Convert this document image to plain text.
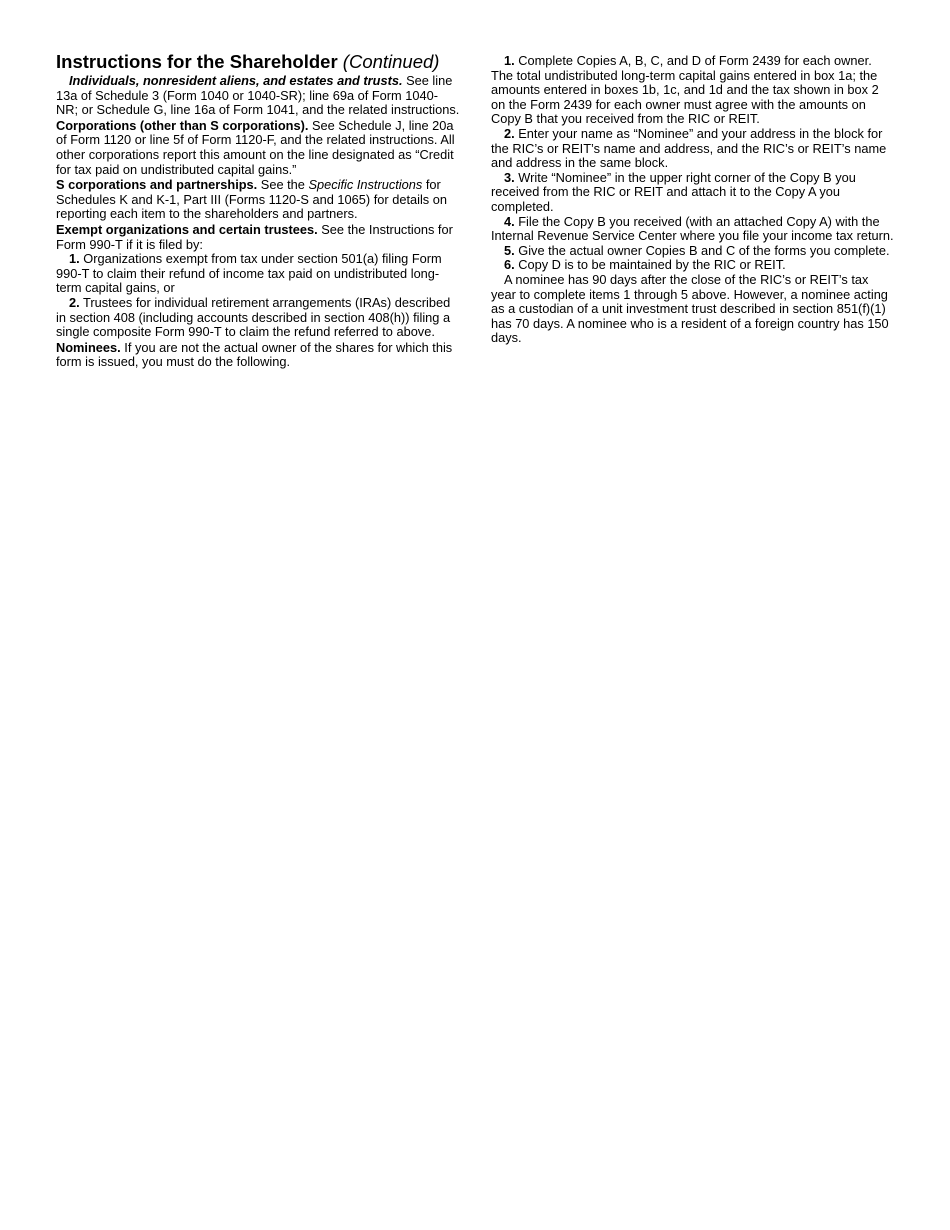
Instructions for the Shareholder (Continued)

Individuals, nonresident aliens, and estates and trusts. See line 13a of Schedule 3 (Form 1040 or 1040-SR); line 69a of Form 1040-NR; or Schedule G, line 16a of Form 1041, and the related instructions.

Corporations (other than S corporations). See Schedule J, line 20a of Form 1120 or line 5f of Form 1120-F, and the related instructions. All other corporations report this amount on the line designated as “Credit for tax paid on undistributed capital gains.”

S corporations and partnerships. See the Specific Instructions for Schedules K and K-1, Part III (Forms 1120-S and 1065) for details on reporting each item to the shareholders and partners.

Exempt organizations and certain trustees. See the Instructions for Form 990-T if it is filed by:

1. Organizations exempt from tax under section 501(a) filing Form 990-T to claim their refund of income tax paid on undistributed long-term capital gains, or

2. Trustees for individual retirement arrangements (IRAs) described in section 408 (including accounts described in section 408(h)) filing a single composite Form 990-T to claim the refund referred to above.

Nominees. If you are not the actual owner of the shares for which this form is issued, you must do the following.

1. Complete Copies A, B, C, and D of Form 2439 for each owner. The total undistributed long-term capital gains entered in box 1a; the amounts entered in boxes 1b, 1c, and 1d and the tax shown in box 2 on the Form 2439 for each owner must agree with the amounts on Copy B that you received from the RIC or REIT.

2. Enter your name as “Nominee” and your address in the block for the RIC’s or REIT’s name and address, and the RIC’s or REIT’s name and address in the same block.

3. Write “Nominee” in the upper right corner of the Copy B you received from the RIC or REIT and attach it to the Copy A you completed.

4. File the Copy B you received (with an attached Copy A) with the Internal Revenue Service Center where you file your income tax return.

5. Give the actual owner Copies B and C of the forms you complete.

6. Copy D is to be maintained by the RIC or REIT.

A nominee has 90 days after the close of the RIC’s or REIT’s tax year to complete items 1 through 5 above. However, a nominee acting as a custodian of a unit investment trust described in section 851(f)(1) has 70 days. A nominee who is a resident of a foreign country has 150 days.
